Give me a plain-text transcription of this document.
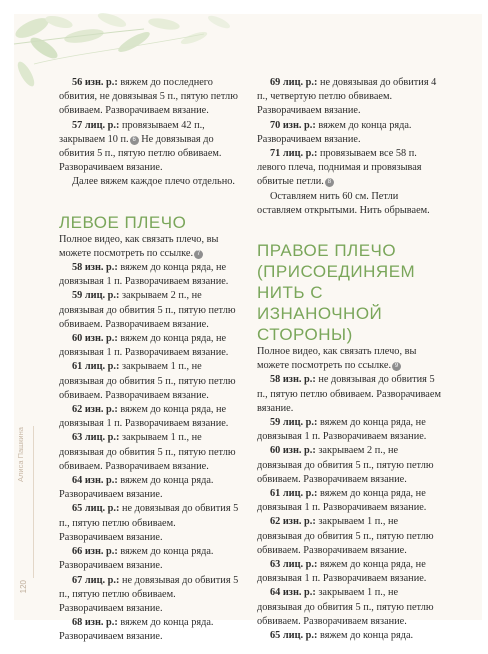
Алиса Пашкина
120

56 изн. р.: вяжем до последнего обвития, не довязывая 5 п., пятую петлю обвиваем. Разворачиваем вязание.

57 лиц. р.: провязываем 42 п., закрываем 10 п. 6 Не довязывая до обвития 5 п., пятую петлю обвиваем. Разворачиваем вязание.

Далее вяжем каждое плечо отдельно.

ЛЕВОЕ ПЛЕЧО

Полное видео, как связать плечо, вы можете посмотреть по ссылке. 7

58 изн. р.: вяжем до конца ряда, не довязывая 1 п. Разворачиваем вязание.

59 лиц. р.: закрываем 2 п., не довязывая до обвития 5 п., пятую петлю обвиваем. Разворачиваем вязание.

60 изн. р.: вяжем до конца ряда, не довязывая 1 п. Разворачиваем вязание.

61 лиц. р.: закрываем 1 п., не довязывая до обвития 5 п., пятую петлю обвиваем. Разворачиваем вязание.

62 изн. р.: вяжем до конца ряда, не довязывая 1 п. Разворачиваем вязание.

63 лиц. р.: закрываем 1 п., не довязывая до обвития 5 п., пятую петлю обвиваем. Разворачиваем вязание.

64 изн. р.: вяжем до конца ряда. Разворачиваем вязание.

65 лиц. р.: не довязывая до обвития 5 п., пятую петлю обвиваем. Разворачиваем вязание.

66 изн. р.: вяжем до конца ряда. Разворачиваем вязание.

67 лиц. р.: не довязывая до обвития 5 п., пятую петлю обвиваем. Разворачиваем вязание.

68 изн. р.: вяжем до конца ряда. Разворачиваем вязание.

69 лиц. р.: не довязывая до обвития 4 п., четвертую петлю обвиваем. Разворачиваем вязание.

70 изн. р.: вяжем до конца ряда. Разворачиваем вязание.

71 лиц. р.: провязываем все 58 п. левого плеча, поднимая и провязывая обвитые петли. 8

Оставляем нить 60 см. Петли оставляем открытыми. Нить обрываем.

ПРАВОЕ ПЛЕЧО (ПРИСОЕДИНЯЕМ НИТЬ С ИЗНАНОЧНОЙ СТОРОНЫ)

Полное видео, как связать плечо, вы можете посмотреть по ссылке. 9

58 изн. р.: не довязывая до обвития 5 п., пятую петлю обвиваем. Разворачиваем вязание.

59 лиц. р.: вяжем до конца ряда, не довязывая 1 п. Разворачиваем вязание.

60 изн. р.: закрываем 2 п., не довязывая до обвития 5 п., пятую петлю обвиваем. Разворачиваем вязание.

61 лиц. р.: вяжем до конца ряда, не довязывая 1 п. Разворачиваем вязание.

62 изн. р.: закрываем 1 п., не довязывая до обвития 5 п., пятую петлю обвиваем. Разворачиваем вязание.

63 лиц. р.: вяжем до конца ряда, не довязывая 1 п. Разворачиваем вязание.

64 изн. р.: закрываем 1 п., не довязывая до обвития 5 п., пятую петлю обвиваем. Разворачиваем вязание.

65 лиц. р.: вяжем до конца ряда.
